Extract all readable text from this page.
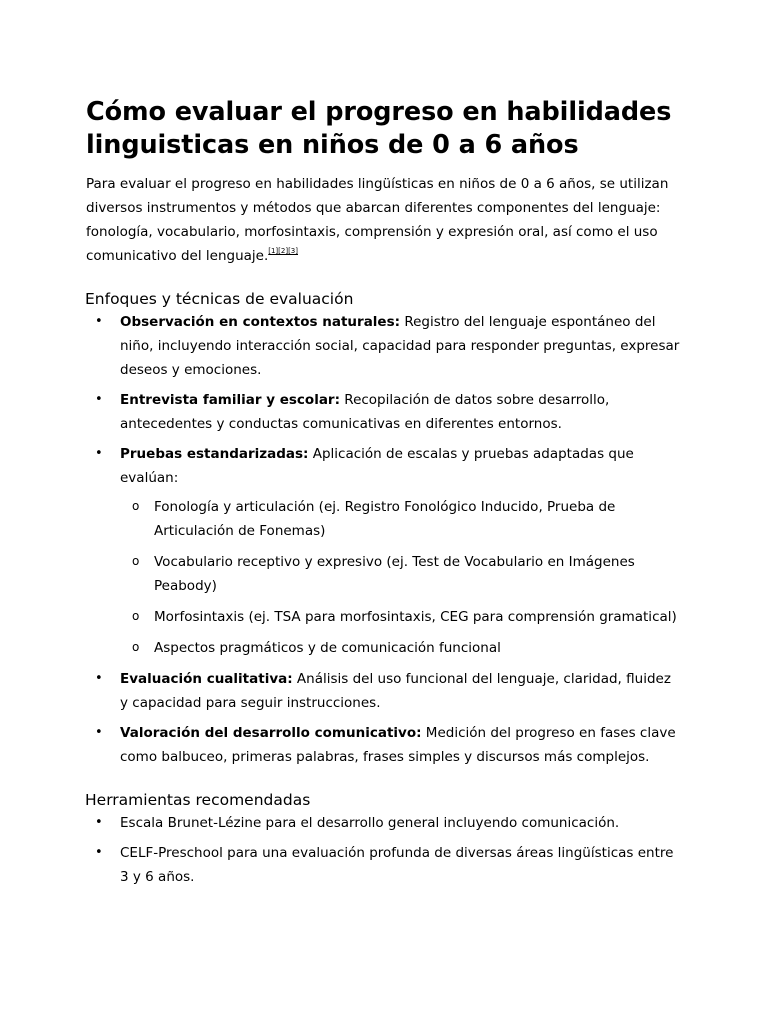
Cómo evaluar el progreso en habilidades linguisticas en niños de 0 a 6 años

Para evaluar el progreso en habilidades lingüísticas en niños de 0 a 6 años, se utilizan diversos instrumentos y métodos que abarcan diferentes componentes del lenguaje: fonología, vocabulario, morfosintaxis, comprensión y expresión oral, así como el uso comunicativo del lenguaje.[1][2][3]

Enfoques y técnicas de evaluación
• Observación en contextos naturales: Registro del lenguaje espontáneo del niño, incluyendo interacción social, capacidad para responder preguntas, expresar deseos y emociones.
• Entrevista familiar y escolar: Recopilación de datos sobre desarrollo, antecedentes y conductas comunicativas en diferentes entornos.
• Pruebas estandarizadas: Aplicación de escalas y pruebas adaptadas que evalúan:
o Fonología y articulación (ej. Registro Fonológico Inducido, Prueba de Articulación de Fonemas)
o Vocabulario receptivo y expresivo (ej. Test de Vocabulario en Imágenes Peabody)
o Morfosintaxis (ej. TSA para morfosintaxis, CEG para comprensión gramatical)
o Aspectos pragmáticos y de comunicación funcional
• Evaluación cualitativa: Análisis del uso funcional del lenguaje, claridad, fluidez y capacidad para seguir instrucciones.
• Valoración del desarrollo comunicativo: Medición del progreso en fases clave como balbuceo, primeras palabras, frases simples y discursos más complejos.
Herramientas recomendadas
• Escala Brunet-Lézine para el desarrollo general incluyendo comunicación.
• CELF-Preschool para una evaluación profunda de diversas áreas lingüísticas entre 3 y 6 años.
